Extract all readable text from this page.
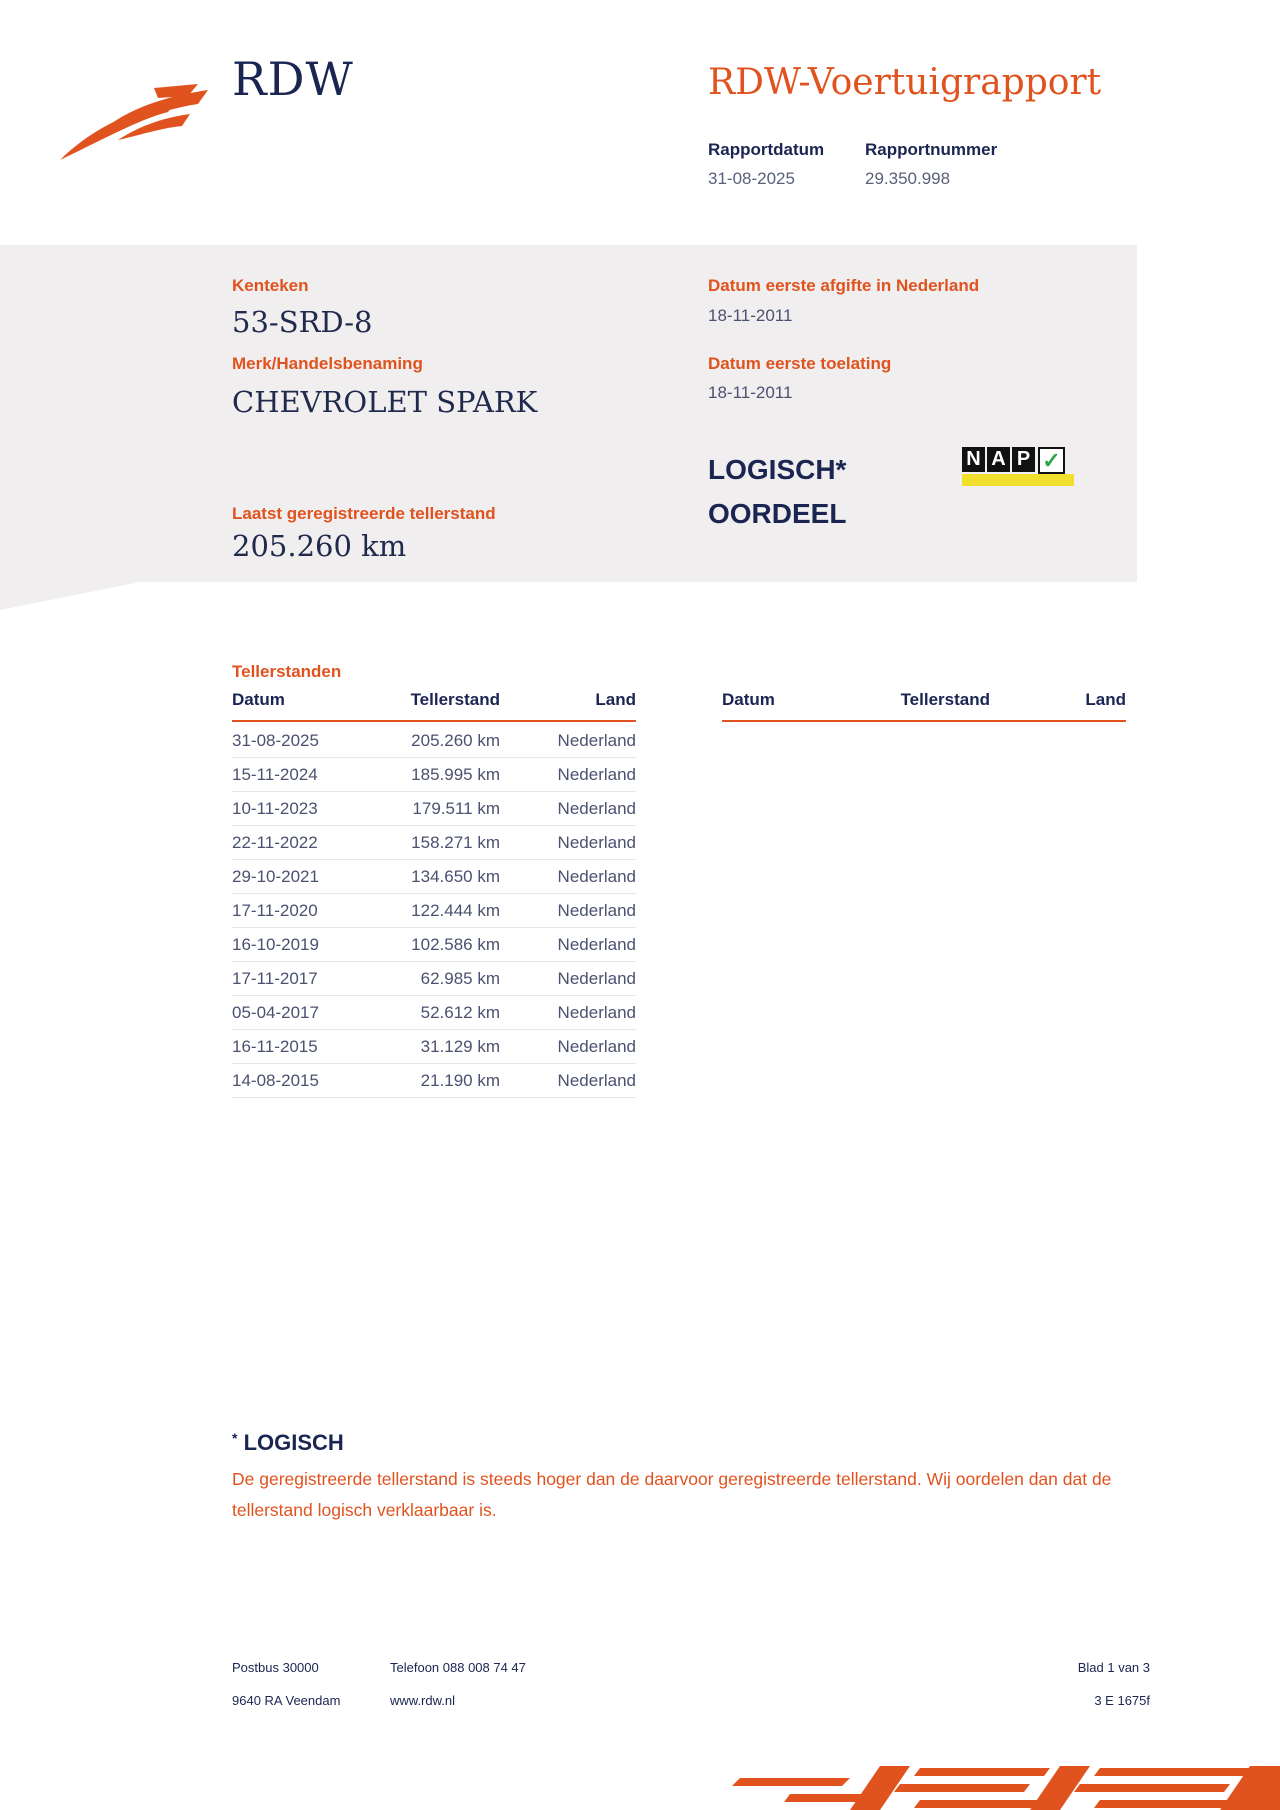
RDW	RDW-Voertuigrapport
Rapportdatum
31-08-2025
Rapportnummer
29.350.998
Kenteken
53-SRD-8
Merk/Handelsbenaming
CHEVROLET SPARK
Laatst geregistreerde tellerstand
205.260 km
Datum eerste afgifte in Nederland
18-11-2011
Datum eerste toelating
18-11-2011
LOGISCH*
OORDEEL
N A P ✓
Tellerstanden
Datum	Tellerstand	Land	Datum	Tellerstand	Land
31-08-2025	205.260 km	Nederland
15-11-2024	185.995 km	Nederland
10-11-2023	179.511 km	Nederland
22-11-2022	158.271 km	Nederland
29-10-2021	134.650 km	Nederland
17-11-2020	122.444 km	Nederland
16-10-2019	102.586 km	Nederland
17-11-2017	62.985 km	Nederland
05-04-2017	52.612 km	Nederland
16-11-2015	31.129 km	Nederland
14-08-2015	21.190 km	Nederland
* LOGISCH
De geregistreerde tellerstand is steeds hoger dan de daarvoor geregistreerde tellerstand. Wij oordelen dan dat de tellerstand logisch verklaarbaar is.
Postbus 30000
9640 RA Veendam
Telefoon 088 008 74 47
www.rdw.nl
Blad 1 van 3
3 E 1675f
